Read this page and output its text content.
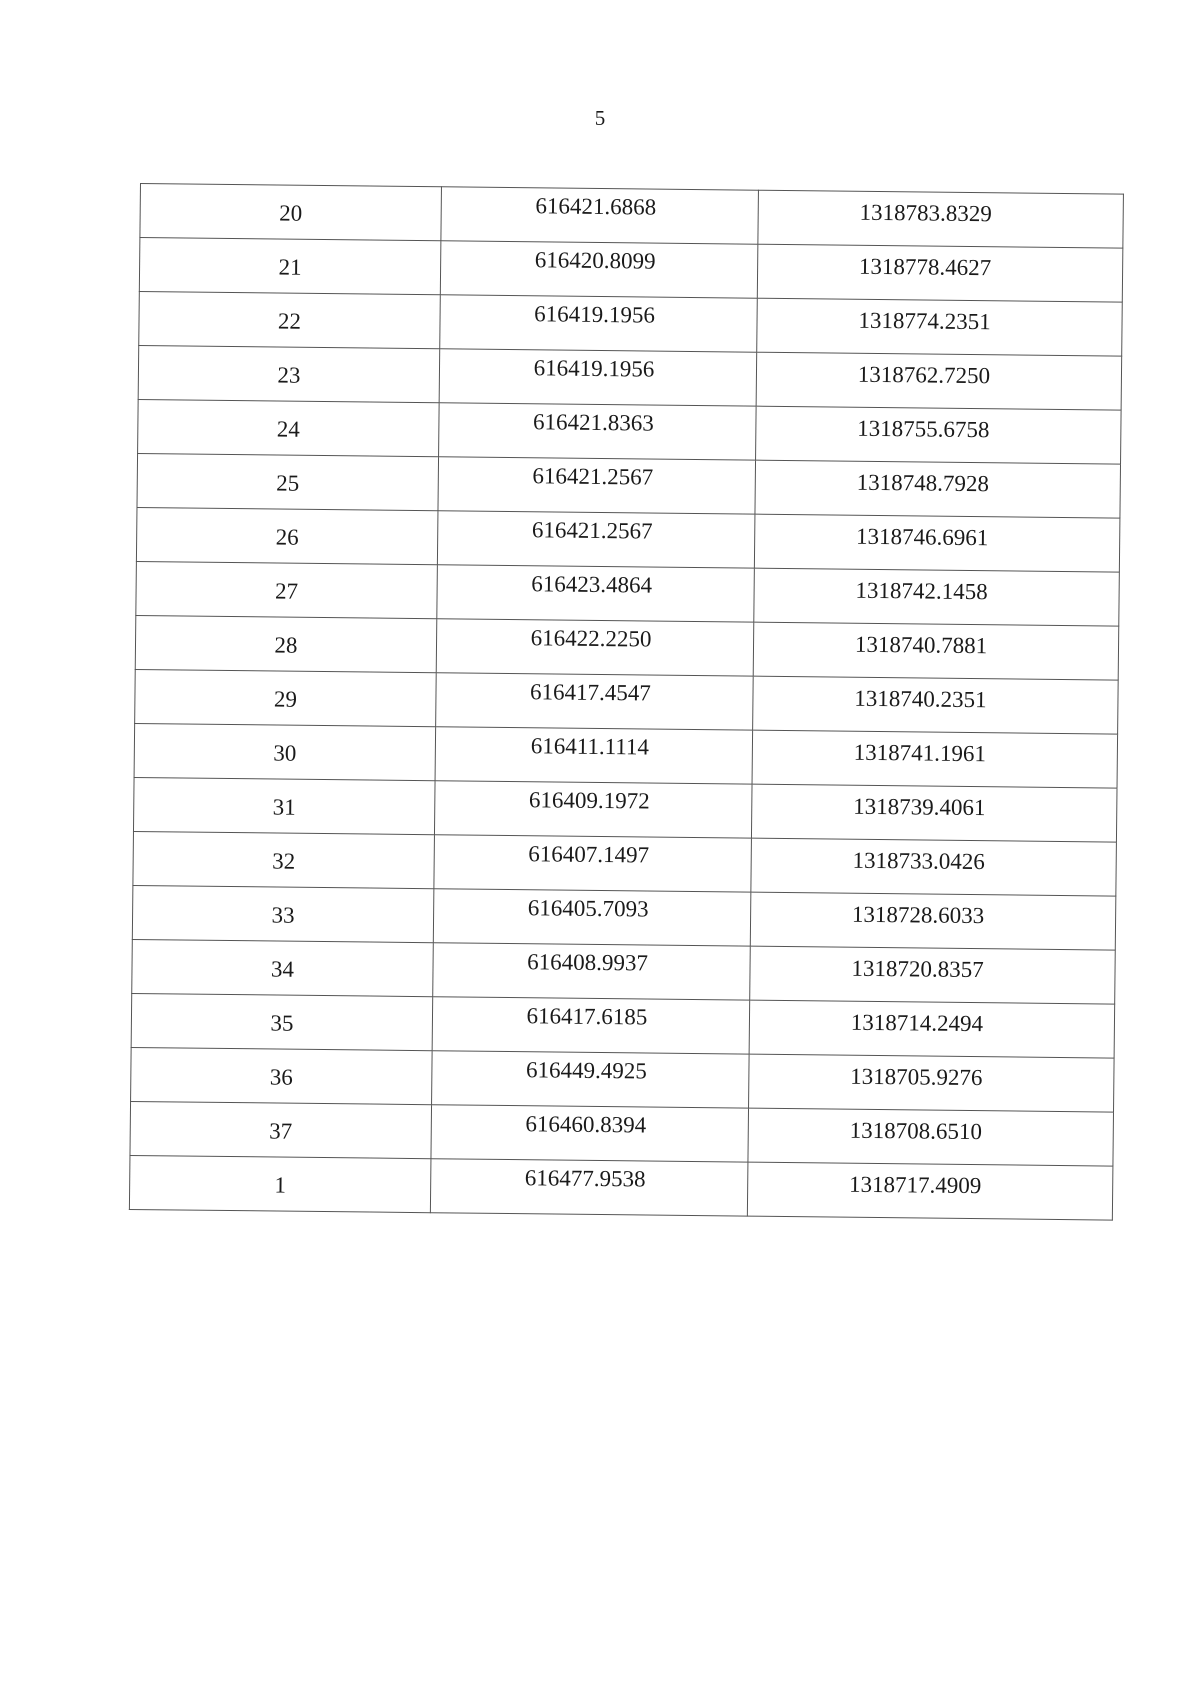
5
20	616421.6868	1318783.8329
21	616420.8099	1318778.4627
22	616419.1956	1318774.2351
23	616419.1956	1318762.7250
24	616421.8363	1318755.6758
25	616421.2567	1318748.7928
26	616421.2567	1318746.6961
27	616423.4864	1318742.1458
28	616422.2250	1318740.7881
29	616417.4547	1318740.2351
30	616411.1114	1318741.1961
31	616409.1972	1318739.4061
32	616407.1497	1318733.0426
33	616405.7093	1318728.6033
34	616408.9937	1318720.8357
35	616417.6185	1318714.2494
36	616449.4925	1318705.9276
37	616460.8394	1318708.6510
1	616477.9538	1318717.4909
